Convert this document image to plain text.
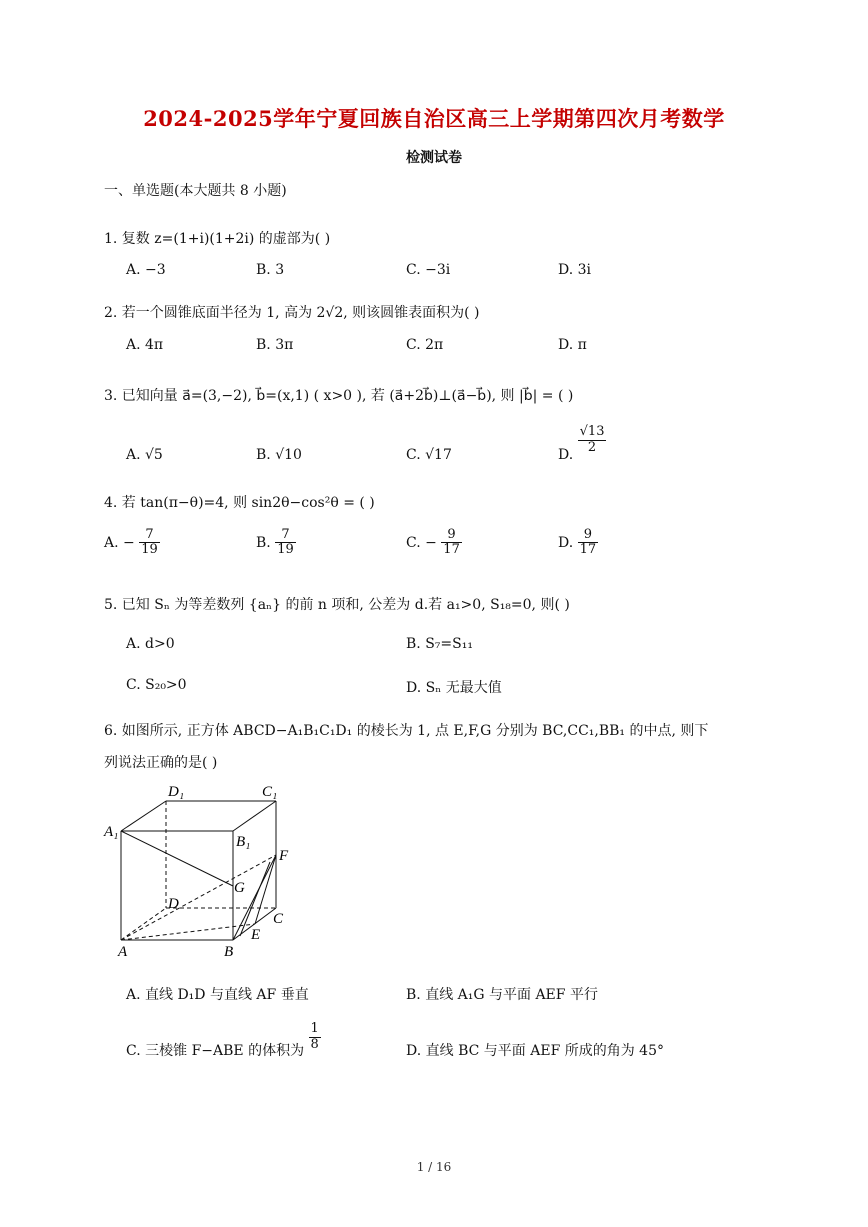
2024-2025学年宁夏回族自治区高三上学期第四次月考数学
检测试卷
一、单选题(本大题共 8 小题)
1. 复数 z=(1+i)(1+2i) 的虚部为( )
A. −3	B. 3	C. −3i	D. 3i
2. 若一个圆锥底面半径为 1, 高为 2√2, 则该圆锥表面积为( )
A. 4π	B. 3π	C. 2π	D. π
3. 已知向量 a⃗=(3,−2), b⃗=(x,1) ( x>0 ), 若 (a⃗+2b⃗)⊥(a⃗−b⃗), 则 |b⃗| = ( )
A. √5	B. √10	C. √17	D.
$\frac{√13}{2}$
4. 若 tan(π−θ)=4, 则 sin2θ−cos²θ = ( )
A. − $\frac{7}{19}$	B. $\frac{7}{19}$	C. − $\frac{9}{17}$	D. $\frac{9}{17}$
5. 已知 Sₙ 为等差数列 {aₙ} 的前 n 项和, 公差为 d.若 a₁>0, S₁₈=0, 则( )
A. d>0	B. S₇=S₁₁
C. S₂₀>0	D. Sₙ 无最大值
6. 如图所示, 正方体 ABCD−A₁B₁C₁D₁ 的棱长为 1, 点 E,F,G 分别为 BC,CC₁,BB₁ 的中点, 则下
列说法正确的是( )
D₁	C₁
A₁
B₁
F
G
D
C
E
A	B
A. 直线 D₁D 与直线 AF 垂直	B. 直线 A₁G 与平面 AEF 平行
C. 三棱锥 F−ABE 的体积为 $\frac{1}{8}$	D. 直线 BC 与平面 AEF 所成的角为 45°
1 / 16
